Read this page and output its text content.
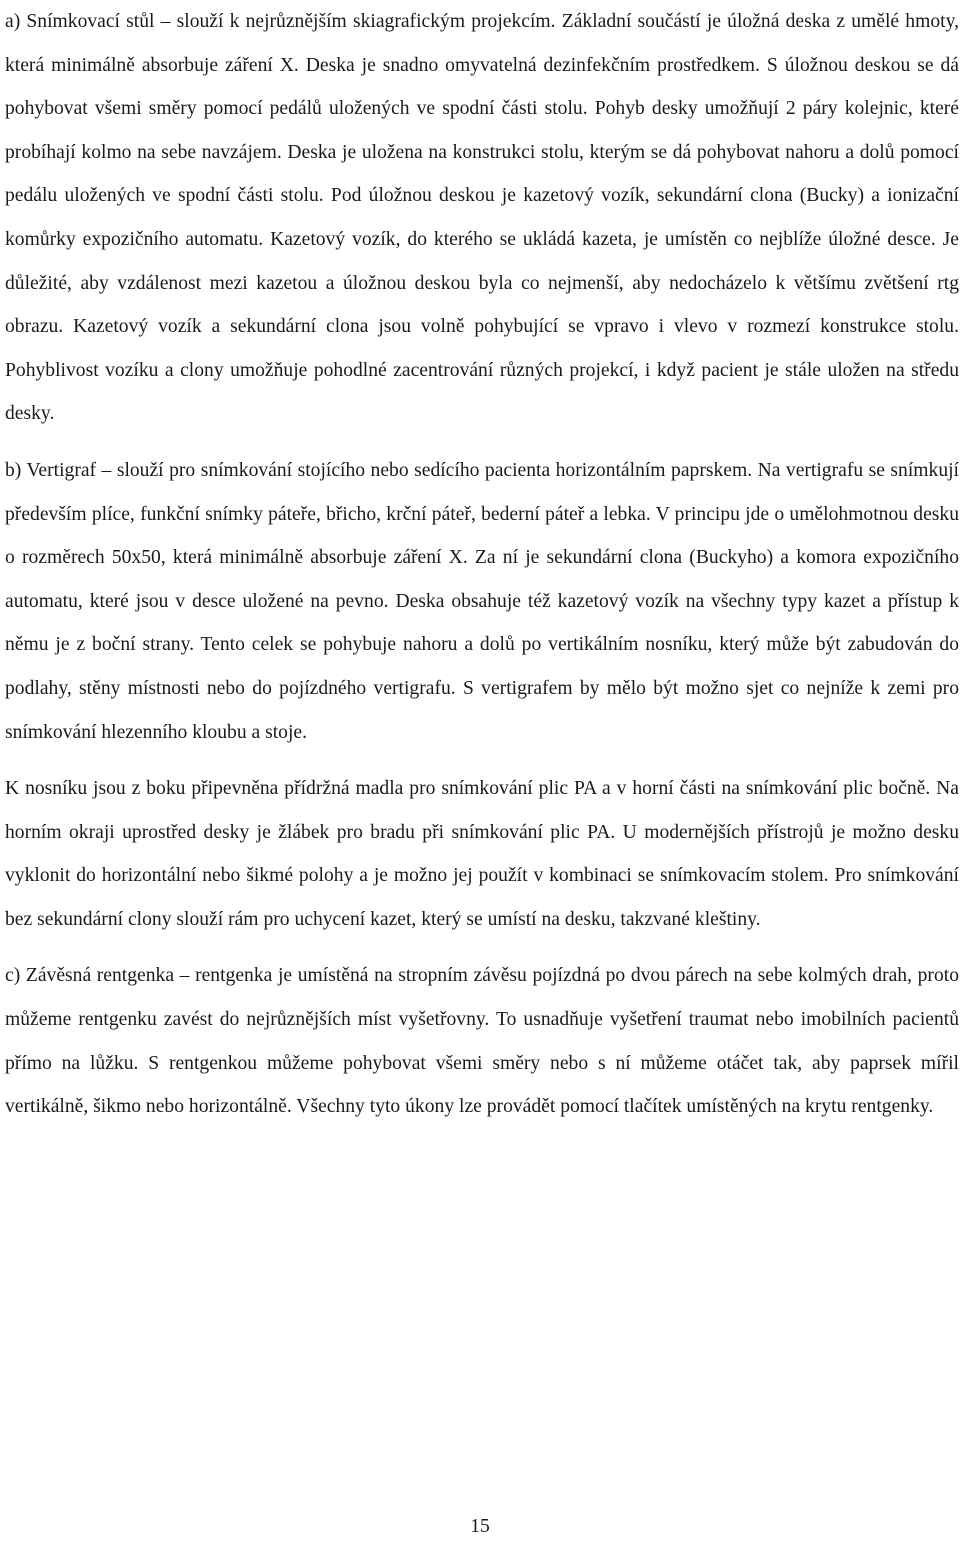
a) Snímkovací stůl – slouží k nejrůznějším skiagrafickým projekcím. Základní součástí je úložná deska z umělé hmoty, která minimálně absorbuje záření X. Deska je snadno omyvatelná dezinfekčním prostředkem. S úložnou deskou se dá pohybovat všemi směry pomocí pedálů uložených ve spodní části stolu. Pohyb desky umožňují 2 páry kolejnic, které probíhají kolmo na sebe navzájem. Deska je uložena na konstrukci stolu, kterým se dá pohybovat nahoru a dolů pomocí pedálu uložených ve spodní části stolu. Pod úložnou deskou je kazetový vozík, sekundární clona (Bucky) a ionizační komůrky expozičního automatu. Kazetový vozík, do kterého se ukládá kazeta, je umístěn co nejblíže úložné desce. Je důležité, aby vzdálenost mezi kazetou a úložnou deskou byla co nejmenší, aby nedocházelo k většímu zvětšení rtg obrazu. Kazetový vozík a sekundární clona jsou volně pohybující se vpravo i vlevo v rozmezí konstrukce stolu. Pohyblivost vozíku a clony umožňuje pohodlné zacentrování různých projekcí, i když pacient je stále uložen na středu desky.

b) Vertigraf – slouží pro snímkování stojícího nebo sedícího pacienta horizontálním paprskem. Na vertigrafu se snímkují především plíce, funkční snímky páteře, břicho, krční páteř, bederní páteř a lebka. V principu jde o umělohmotnou desku o rozměrech 50x50, která minimálně absorbuje záření X. Za ní je sekundární clona (Buckyho) a komora expozičního automatu, které jsou v desce uložené na pevno. Deska obsahuje též kazetový vozík na všechny typy kazet a přístup k němu je z boční strany. Tento celek se pohybuje nahoru a dolů po vertikálním nosníku, který může být zabudován do podlahy, stěny místnosti nebo do pojízdného vertigrafu. S vertigrafem by mělo být možno sjet co nejníže k zemi pro snímkování hlezenního kloubu a stoje.

K nosníku jsou z boku připevněna přídržná madla pro snímkování plic PA a v horní části na snímkování plic bočně. Na horním okraji uprostřed desky je žlábek pro bradu při snímkování plic PA. U modernějších přístrojů je možno desku vyklonit do horizontální nebo šikmé polohy a je možno jej použít v kombinaci se snímkovacím stolem. Pro snímkování bez sekundární clony slouží rám pro uchycení kazet, který se umístí na desku, takzvané kleštiny.

c) Závěsná rentgenka – rentgenka je umístěná na stropním závěsu pojízdná po dvou párech na sebe kolmých drah, proto můžeme rentgenku zavést do nejrůznějších míst vyšetřovny. To usnadňuje vyšetření traumat nebo imobilních pacientů přímo na lůžku. S rentgenkou můžeme pohybovat všemi směry nebo s ní můžeme otáčet tak, aby paprsek mířil vertikálně, šikmo nebo horizontálně. Všechny tyto úkony lze provádět pomocí tlačítek umístěných na krytu rentgenky.

15
